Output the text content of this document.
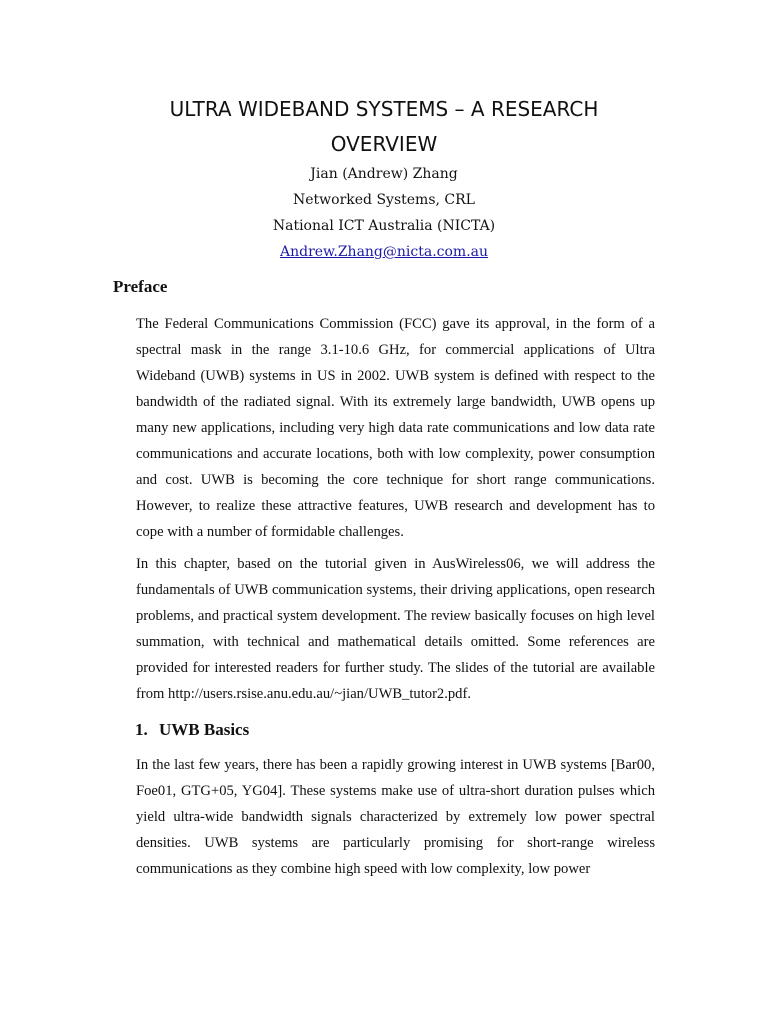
ULTRA WIDEBAND SYSTEMS – A RESEARCH
OVERVIEW

Jian (Andrew) Zhang

Networked Systems, CRL

National ICT Australia (NICTA)

Andrew.Zhang@nicta.com.au

Preface

The Federal Communications Commission (FCC) gave its approval, in the form of a spectral mask in the range 3.1-10.6 GHz, for commercial applications of Ultra Wideband (UWB) systems in US in 2002. UWB system is defined with respect to the bandwidth of the radiated signal. With its extremely large bandwidth, UWB opens up many new applications, including very high data rate communications and low data rate communications and accurate locations, both with low complexity, power consumption and cost. UWB is becoming the core technique for short range communications. However, to realize these attractive features, UWB research and development has to cope with a number of formidable challenges.

In this chapter, based on the tutorial given in AusWireless06, we will address the fundamentals of UWB communication systems, their driving applications, open research problems, and practical system development. The review basically focuses on high level summation, with technical and mathematical details omitted. Some references are provided for interested readers for further study. The slides of the tutorial are available from http://users.rsise.anu.edu.au/~jian/UWB_tutor2.pdf.

1. UWB Basics

In the last few years, there has been a rapidly growing interest in UWB systems [Bar00, Foe01, GTG+05, YG04]. These systems make use of ultra-short duration pulses which yield ultra-wide bandwidth signals characterized by extremely low power spectral densities. UWB systems are particularly promising for short-range wireless communications as they combine high speed with low complexity, low power
